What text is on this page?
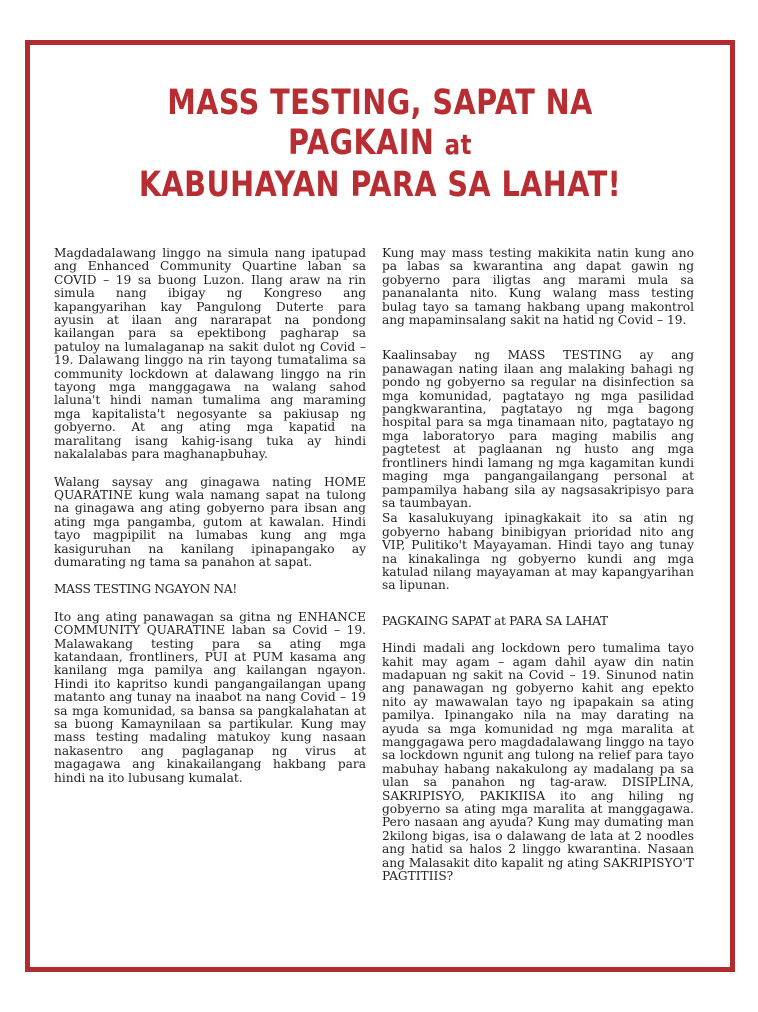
MASS TESTING, SAPAT NA
PAGKAIN at
KABUHAYAN PARA SA LAHAT!

Magdadalawang linggo na simula nang ipatupad ang Enhanced Community Quartine laban sa COVID – 19 sa buong Luzon. Ilang araw na rin simula nang ibigay ng Kongreso ang kapangyarihan kay Pangulong Duterte para ayusin at ilaan ang nararapat na pondong kailangan para sa epektibong pagharap sa patuloy na lumalaganap na sakit dulot ng Covid – 19. Dalawang linggo na rin tayong tumatalima sa community lockdown at dalawang linggo na rin tayong mga manggagawa na walang sahod laluna't hindi naman tumalima ang maraming mga kapitalista't negosyante sa pakiusap ng gobyerno. At ang ating mga kapatid na maralitang isang kahig-isang tuka ay hindi nakalalabas para maghanapbuhay.

Walang saysay ang ginagawa nating HOME QUARATINE kung wala namang sapat na tulong na ginagawa ang ating gobyerno para ibsan ang ating mga pangamba, gutom at kawalan. Hindi tayo magpipilit na lumabas kung ang mga kasiguruhan na kanilang ipinapangako ay dumarating ng tama sa panahon at sapat.

MASS TESTING NGAYON NA!

Ito ang ating panawagan sa gitna ng ENHANCE COMMUNITY QUARATINE laban sa Covid – 19. Malawakang testing para sa ating mga katandaan, frontliners, PUI at PUM kasama ang kanilang mga pamilya ang kailangan ngayon. Hindi ito kapritso kundi pangangailangan upang matanto ang tunay na inaabot na nang Covid – 19 sa mga komunidad, sa bansa sa pangkalahatan at sa buong Kamaynilaan sa partikular. Kung may mass testing madaling matukoy kung nasaan nakasentro ang paglaganap ng virus at magagawa ang kinakailangang hakbang para hindi na ito lubusang kumalat.

Kung may mass testing makikita natin kung ano pa labas sa kwarantina ang dapat gawin ng gobyerno para iligtas ang marami mula sa pananalanta nito. Kung walang mass testing bulag tayo sa tamang hakbang upang makontrol ang mapaminsalang sakit na hatid ng Covid – 19.

Kaalinsabay ng MASS TESTING ay ang panawagan nating ilaan ang malaking bahagi ng pondo ng gobyerno sa regular na disinfection sa mga komunidad, pagtatayo ng mga pasilidad pangkwarantina, pagtatayo ng mga bagong hospital para sa mga tinamaan nito, pagtatayo ng mga laboratoryo para maging mabilis ang pagtetest at paglaanan ng husto ang mga frontliners hindi lamang ng mga kagamitan kundi maging mga pangangailangang personal at pampamilya habang sila ay nagsasakripisyo para sa taumbayan.

Sa kasalukuyang ipinagkakait ito sa atin ng gobyerno habang binibigyan prioridad nito ang VIP, Pulitiko't Mayayaman. Hindi tayo ang tunay na kinakalinga ng gobyerno kundi ang mga katulad nilang mayayaman at may kapangyarihan sa lipunan.

PAGKAING SAPAT at PARA SA LAHAT

Hindi madali ang lockdown pero tumalima tayo kahit may agam – agam dahil ayaw din natin madapuan ng sakit na Covid – 19. Sinunod natin ang panawagan ng gobyerno kahit ang epekto nito ay mawawalan tayo ng ipapakain sa ating pamilya. Ipinangako nila na may darating na ayuda sa mga komunidad ng mga maralita at manggagawa pero magdadalawang linggo na tayo sa lockdown ngunit ang tulong na relief para tayo mabuhay habang nakakulong ay madalang pa sa ulan sa panahon ng tag-araw. DISIPLINA, SAKRIPISYO, PAKIKIISA ito ang hiling ng gobyerno sa ating mga maralita at manggagawa. Pero nasaan ang ayuda? Kung may dumating man 2kilong bigas, isa o dalawang de lata at 2 noodles ang hatid sa halos 2 linggo kwarantina. Nasaan ang Malasakit dito kapalit ng ating SAKRIPISYO'T PAGTITIIS?
